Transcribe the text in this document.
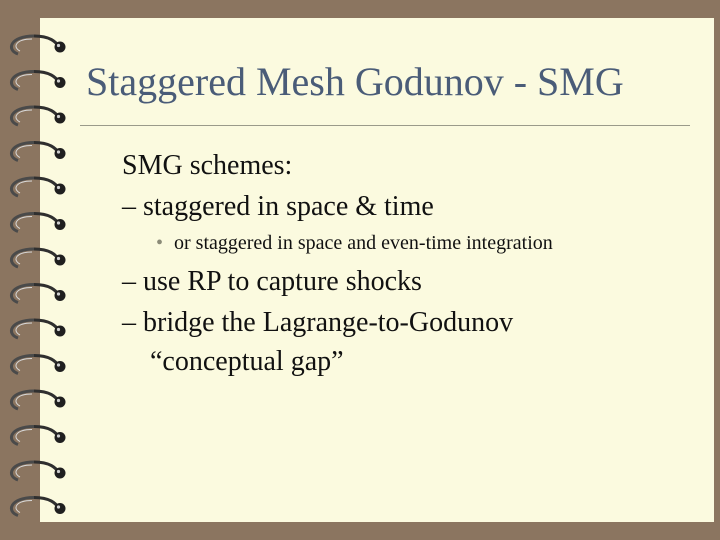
Staggered Mesh Godunov - SMG
SMG schemes:
– staggered in space & time
• or staggered in space and even-time integration
– use RP to capture shocks
– bridge the Lagrange-to-Godunov
“conceptual gap”
